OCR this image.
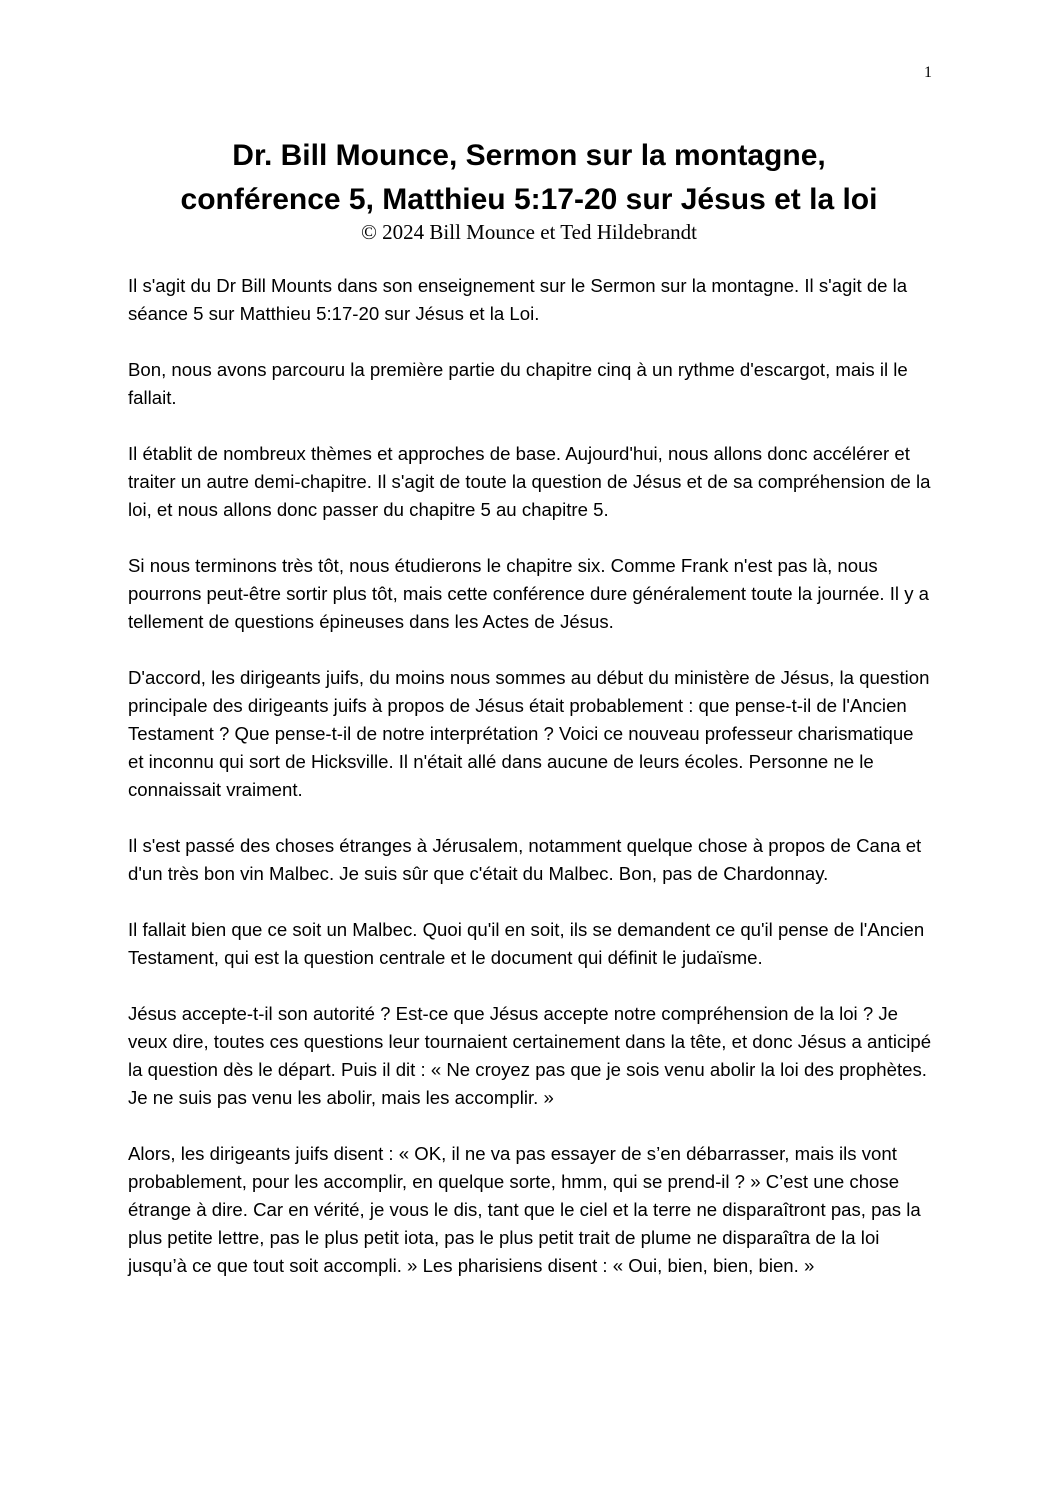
1
Dr. Bill Mounce, Sermon sur la montagne,
conférence 5, Matthieu 5:17-20 sur Jésus et la loi
© 2024 Bill Mounce et Ted Hildebrandt

Il s'agit du Dr Bill Mounts dans son enseignement sur le Sermon sur la montagne. Il s'agit de la séance 5 sur Matthieu 5:17-20 sur Jésus et la Loi.

Bon, nous avons parcouru la première partie du chapitre cinq à un rythme d'escargot, mais il le fallait.

Il établit de nombreux thèmes et approches de base. Aujourd'hui, nous allons donc accélérer et traiter un autre demi-chapitre. Il s'agit de toute la question de Jésus et de sa compréhension de la loi, et nous allons donc passer du chapitre 5 au chapitre 5.

Si nous terminons très tôt, nous étudierons le chapitre six. Comme Frank n'est pas là, nous pourrons peut-être sortir plus tôt, mais cette conférence dure généralement toute la journée. Il y a tellement de questions épineuses dans les Actes de Jésus.

D'accord, les dirigeants juifs, du moins nous sommes au début du ministère de Jésus, la question principale des dirigeants juifs à propos de Jésus était probablement : que pense-t-il de l'Ancien Testament ? Que pense-t-il de notre interprétation ? Voici ce nouveau professeur charismatique et inconnu qui sort de Hicksville. Il n'était allé dans aucune de leurs écoles. Personne ne le connaissait vraiment.

Il s'est passé des choses étranges à Jérusalem, notamment quelque chose à propos de Cana et d'un très bon vin Malbec. Je suis sûr que c'était du Malbec. Bon, pas de Chardonnay.

Il fallait bien que ce soit un Malbec. Quoi qu'il en soit, ils se demandent ce qu'il pense de l'Ancien Testament, qui est la question centrale et le document qui définit le judaïsme.

Jésus accepte-t-il son autorité ? Est-ce que Jésus accepte notre compréhension de la loi ? Je veux dire, toutes ces questions leur tournaient certainement dans la tête, et donc Jésus a anticipé la question dès le départ. Puis il dit : « Ne croyez pas que je sois venu abolir la loi des prophètes. Je ne suis pas venu les abolir, mais les accomplir. »

Alors, les dirigeants juifs disent : « OK, il ne va pas essayer de s’en débarrasser, mais ils vont probablement, pour les accomplir, en quelque sorte, hmm, qui se prend-il ? » C’est une chose étrange à dire. Car en vérité, je vous le dis, tant que le ciel et la terre ne disparaîtront pas, pas la plus petite lettre, pas le plus petit iota, pas le plus petit trait de plume ne disparaîtra de la loi jusqu’à ce que tout soit accompli. » Les pharisiens disent : « Oui, bien, bien, bien. »
